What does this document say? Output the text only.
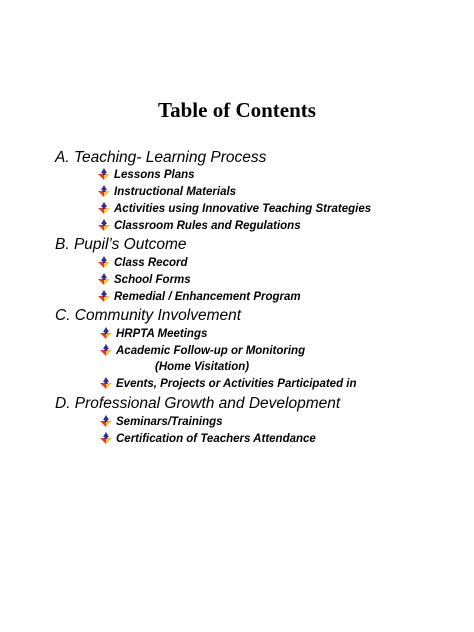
Table of Contents
A. Teaching- Learning Process
Lessons Plans
Instructional Materials
Activities using Innovative Teaching Strategies
Classroom Rules and Regulations
B. Pupil’s Outcome
Class Record
School Forms
Remedial / Enhancement Program
C. Community Involvement
HRPTA Meetings
Academic Follow-up or Monitoring
(Home Visitation)
Events, Projects or Activities Participated in
D. Professional Growth and Development
Seminars/Trainings
Certification of Teachers Attendance
